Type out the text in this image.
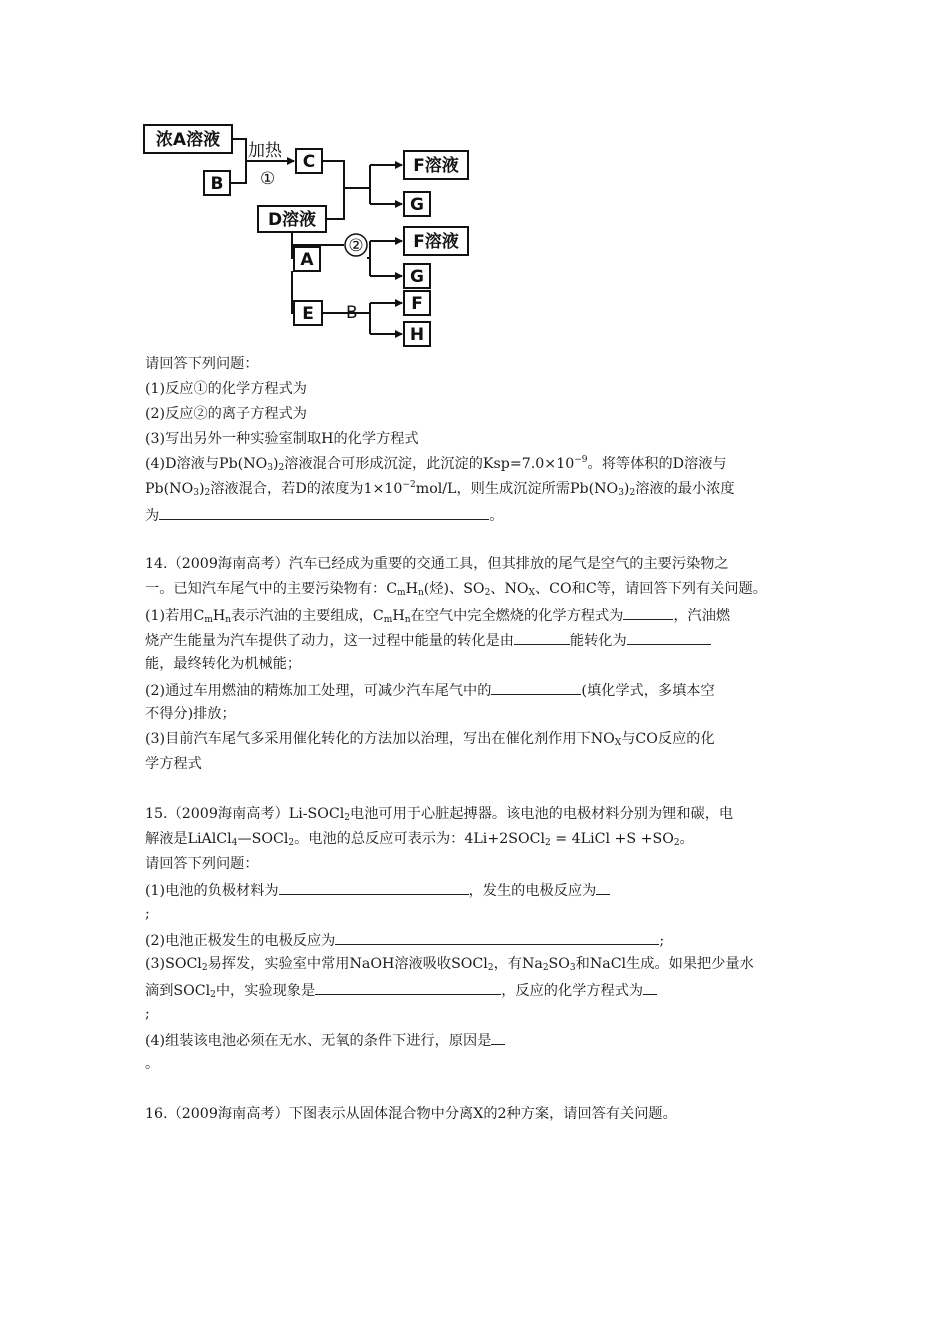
浓A溶液
B
C
D溶液
A
E
F溶液
G
F溶液
G
F
H
加热
①
②
B
请回答下列问题：
(1)反应①的化学方程式为
(2)反应②的离子方程式为
(3)写出另外一种实验室制取H的化学方程式
(4)D溶液与$Pb(NO_3)_2$溶液混合可形成沉淀，此沉淀的$Ksp=7.0\times 10^{-9}$。将等体积的D溶液与
$Pb(NO_3)_2$溶液混合，若D的浓度为$1\times 10^{-2}mol/L$，则生成沉淀所需$Pb(NO_3)_2$溶液的最小浓度
为	。
14.（2009海南高考）汽车已经成为重要的交通工具，但其排放的尾气是空气的主要污染物之
一。已知汽车尾气中的主要污染物有：$C_mH_n$(烃)、$SO_2$、$NO_X$、CO和C等，请回答下列有关问题。
(1)若用$C_mH_n$表示汽油的主要组成，$C_mH_n$在空气中完全燃烧的化学方程式为	，汽油燃
烧产生能量为汽车提供了动力，这一过程中能量的转化是由	能转化为
能，最终转化为机械能；
(2)通过车用燃油的精炼加工处理，可减少汽车尾气中的	(填化学式，多填本空
不得分)排放；
(3)目前汽车尾气多采用催化转化的方法加以治理，写出在催化剂作用下$NO_X$与CO反应的化
学方程式
15.（2009海南高考）Li-SOCl$_2$电池可用于心脏起搏器。该电池的电极材料分别为锂和碳，电
解液是LiAlCl$_4$—SOCl$_2$。电池的总反应可表示为：4Li+2SOCl$_2$ = 4LiCl $+S +SO_2$。
请回答下列问题：
(1)电池的负极材料为	，发生的电极反应为
;
(2)电池正极发生的电极反应为	;
(3)SOCl$_2$易挥发，实验室中常用NaOH溶液吸收SOCl$_2$，有$Na_2SO_3$和NaCl生成。如果把少量水
滴到SOCl$_2$中，实验现象是	，反应的化学方程式为
;
(4)组装该电池必须在无水、无氧的条件下进行，原因是
。
16.（2009海南高考）下图表示从固体混合物中分离X的2种方案，请回答有关问题。
